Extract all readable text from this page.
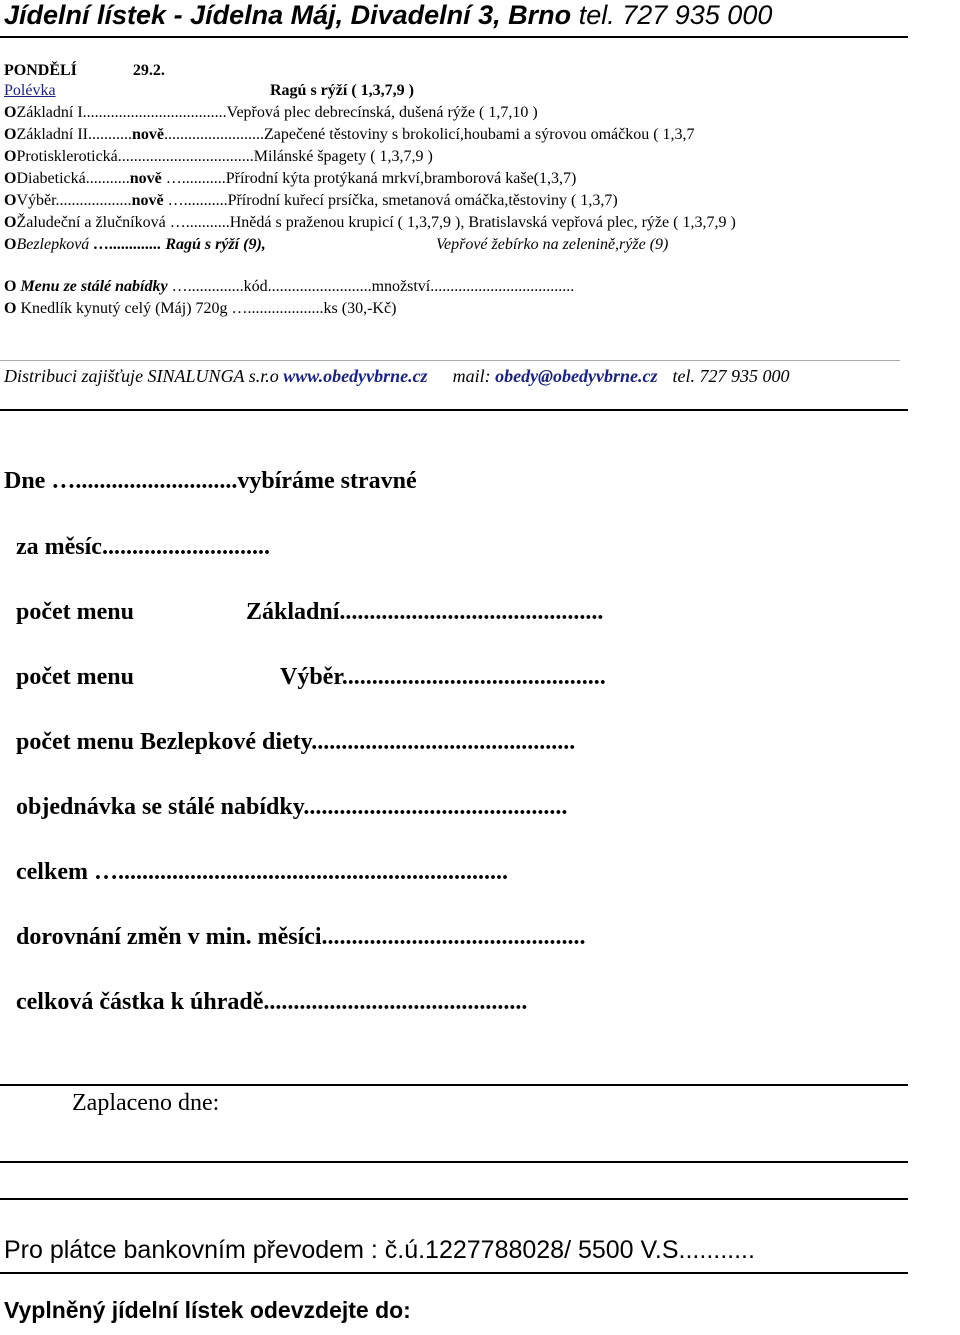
Jídelní lístek - Jídelna Máj, Divadelní 3, Brno tel. 727 935 000
PONDĚLÍ	29.2.
Polévka	Ragú s rýží ( 1,3,7,9 )
OZákladní I....................................Vepřová plec debrecínská, dušená rýže ( 1,7,10 )
OZákladní II...........nově.........................Zapečené těstoviny s brokolicí,houbami a sýrovou omáčkou ( 1,3,7
OProtisklerotická..................................Milánské špagety ( 1,3,7,9 )
ODiabetická...........nově …...........Přírodní kýta protýkaná mrkví,bramborová kaše(1,3,7)
OVýběr...................nově …...........Přírodní kuřecí prsíčka, smetanová omáčka,těstoviny ( 1,3,7)
OŽaludeční a žlučníková …...........Hnědá s praženou krupicí ( 1,3,7,9 ), Bratislavská vepřová plec, rýže ( 1,3,7,9 )
OBezlepková …............. Ragú s rýží (9),	Vepřové žebírko na zelenině,rýže (9)
O Menu ze stálé nabídky …..............kód..........................množství....................................
O Knedlík kynutý celý (Máj) 720g …...................ks (30,-Kč)
Distribuci zajišťuje SINALUNGA s.r.o www.obedyvbrne.cz mail: obedy@obedyvbrne.cz tel. 727 935 000
Dne …...........................vybíráme stravné
za měsíc............................
počet menu	Základní............................................
počet menu	Výběr............................................
počet menu Bezlepkové diety............................................
objednávka se stálé nabídky............................................
celkem ….................................................................
dorovnání změn v min. měsíci............................................
celková částka k úhradě............................................
Zaplaceno dne:
Pro plátce bankovním převodem : č.ú.1227788028/ 5500 V.S...........
Vyplněný jídelní lístek odevzdejte do:
